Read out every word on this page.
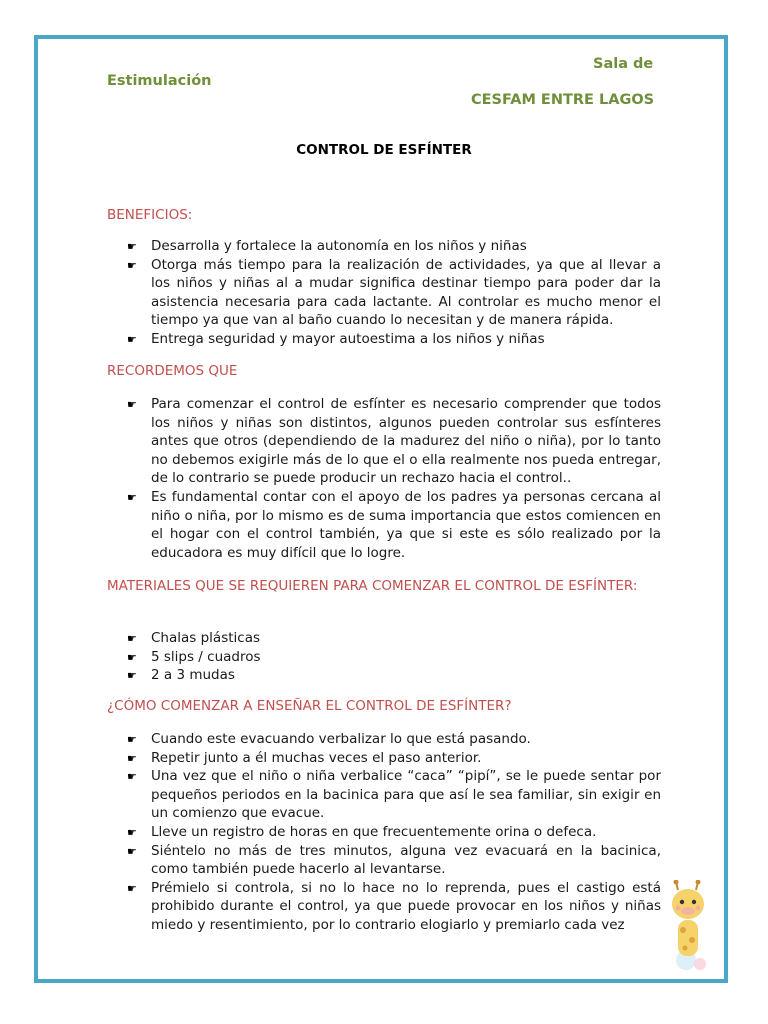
Sala de
Estimulación
CESFAM ENTRE LAGOS
CONTROL DE ESFÍNTER
BENEFICIOS:
☛ Desarrolla y fortalece la autonomía en los niños y niñas
☛ Otorga más tiempo para la realización de actividades, ya que al llevar a los niños y niñas al a mudar significa destinar tiempo para poder dar la asistencia necesaria para cada lactante. Al controlar es mucho menor el tiempo ya que van al baño cuando lo necesitan y de manera rápida.
☛ Entrega seguridad y mayor autoestima a los niños y niñas
RECORDEMOS QUE
☛ Para comenzar el control de esfínter es necesario comprender que todos los niños y niñas son distintos, algunos pueden controlar sus esfínteres antes que otros (dependiendo de la madurez del niño o niña), por lo tanto no debemos exigirle más de lo que el o ella realmente nos pueda entregar, de lo contrario se puede producir un rechazo hacia el control..
☛ Es fundamental contar con el apoyo de los padres ya personas cercana al niño o niña, por lo mismo es de suma importancia que estos comiencen en el hogar con el control también, ya que si este es sólo realizado por la educadora es muy difícil que lo logre.
MATERIALES QUE SE REQUIEREN PARA COMENZAR EL CONTROL DE ESFÍNTER:
☛ Chalas plásticas
☛ 5 slips / cuadros
☛ 2 a 3 mudas
¿CÓMO COMENZAR A ENSEÑAR EL CONTROL DE ESFÍNTER?
☛ Cuando este evacuando verbalizar lo que está pasando.
☛ Repetir junto a él muchas veces el paso anterior.
☛ Una vez que el niño o niña verbalice “caca” “pipí”, se le puede sentar por pequeños periodos en la bacinica para que así le sea familiar, sin exigir en un comienzo que evacue.
☛ Lleve un registro de horas en que frecuentemente orina o defeca.
☛ Siéntelo no más de tres minutos, alguna vez evacuará en la bacinica, como también puede hacerlo al levantarse.
☛ Prémielo si controla, si no lo hace no lo reprenda, pues el castigo está prohibido durante el control, ya que puede provocar en los niños y niñas miedo y resentimiento, por lo contrario elogiarlo y premiarlo cada vez
